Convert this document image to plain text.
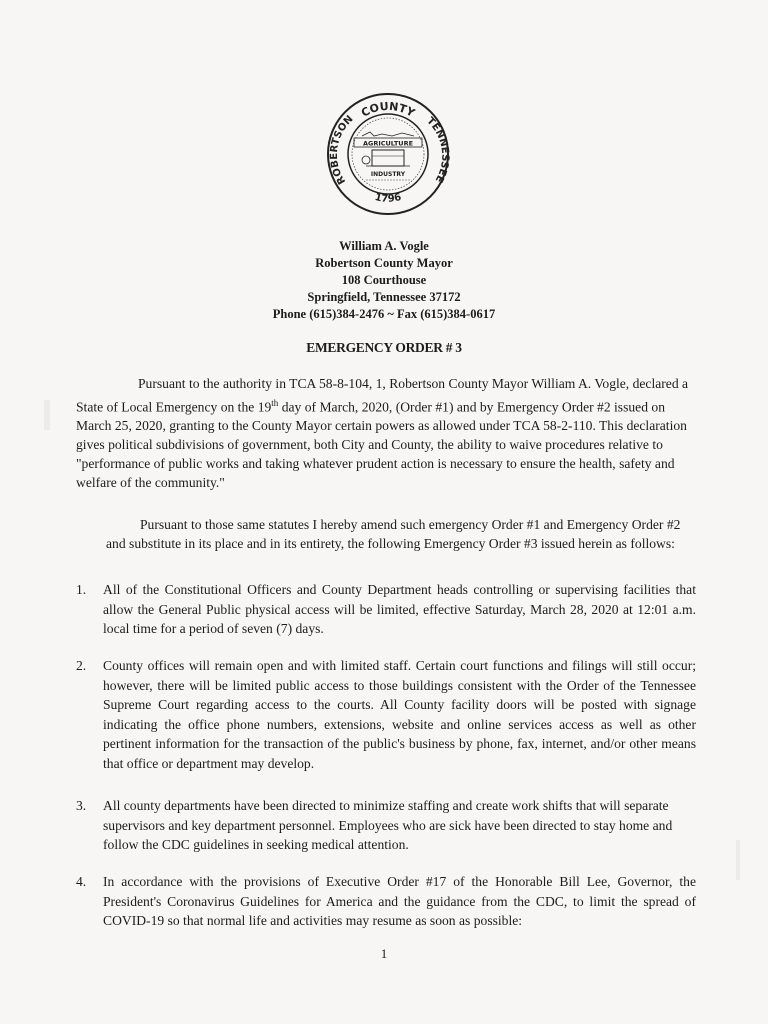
COUNTY
ROBERTSON	TENNESSEE
1796
AGRICULTURE
INDUSTRY
William A. Vogle
Robertson County Mayor
108 Courthouse
Springfield, Tennessee 37172
Phone (615)384-2476 ~ Fax (615)384-0617
EMERGENCY ORDER # 3

Pursuant to the authority in TCA 58-8-104, 1, Robertson County Mayor William A. Vogle, declared a State of Local Emergency on the 19th day of March, 2020, (Order #1) and by Emergency Order #2 issued on March 25, 2020, granting to the County Mayor certain powers as allowed under TCA 58-2-110. This declaration gives political subdivisions of government, both City and County, the ability to waive procedures relative to "performance of public works and taking whatever prudent action is necessary to ensure the health, safety and welfare of the community."

Pursuant to those same statutes I hereby amend such emergency Order #1 and Emergency Order #2 and substitute in its place and in its entirety, the following Emergency Order #3 issued herein as follows:

1. All of the Constitutional Officers and County Department heads controlling or supervising facilities that allow the General Public physical access will be limited, effective Saturday, March 28, 2020 at 12:01 a.m. local time for a period of seven (7) days.
2. County offices will remain open and with limited staff. Certain court functions and filings will still occur; however, there will be limited public access to those buildings consistent with the Order of the Tennessee Supreme Court regarding access to the courts. All County facility doors will be posted with signage indicating the office phone numbers, extensions, website and online services access as well as other pertinent information for the transaction of the public's business by phone, fax, internet, and/or other means that office or department may develop.
3. All county departments have been directed to minimize staffing and create work shifts that will separate supervisors and key department personnel. Employees who are sick have been directed to stay home and follow the CDC guidelines in seeking medical attention.
4. In accordance with the provisions of Executive Order #17 of the Honorable Bill Lee, Governor, the President's Coronavirus Guidelines for America and the guidance from the CDC, to limit the spread of COVID-19 so that normal life and activities may resume as soon as possible:
1
